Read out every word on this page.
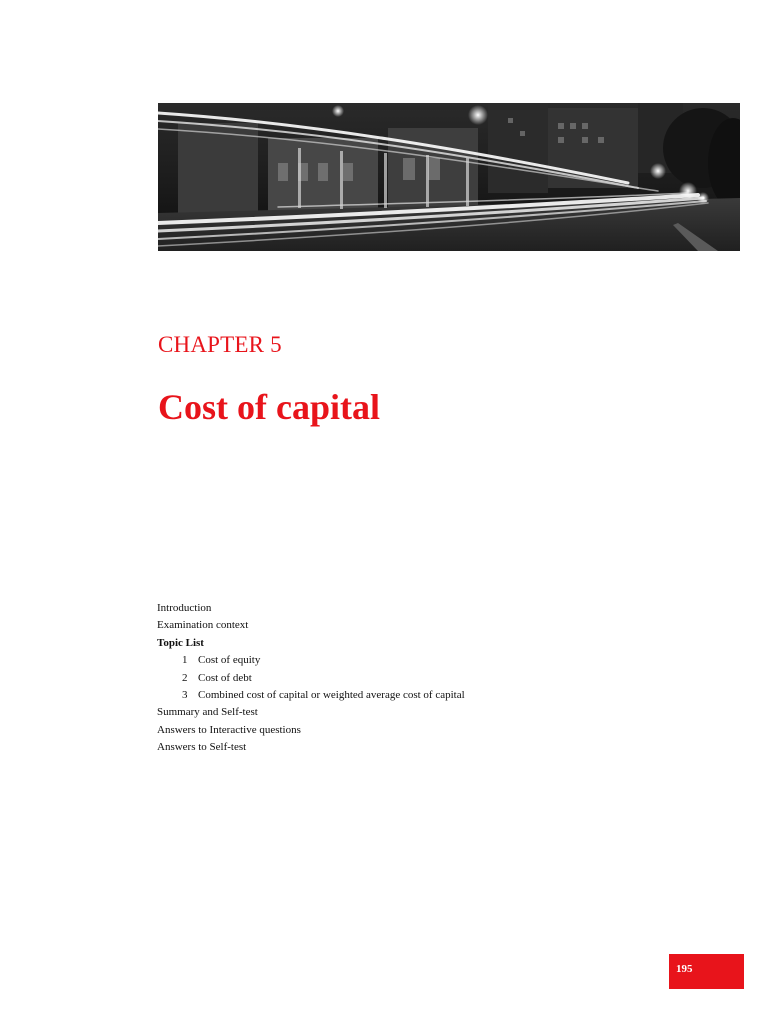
CHAPTER 5
Cost of capital
Introduction
Examination context
Topic List
1 Cost of equity
2 Cost of debt
3 Combined cost of capital or weighted average cost of capital
Summary and Self-test
Answers to Interactive questions
Answers to Self-test
195
